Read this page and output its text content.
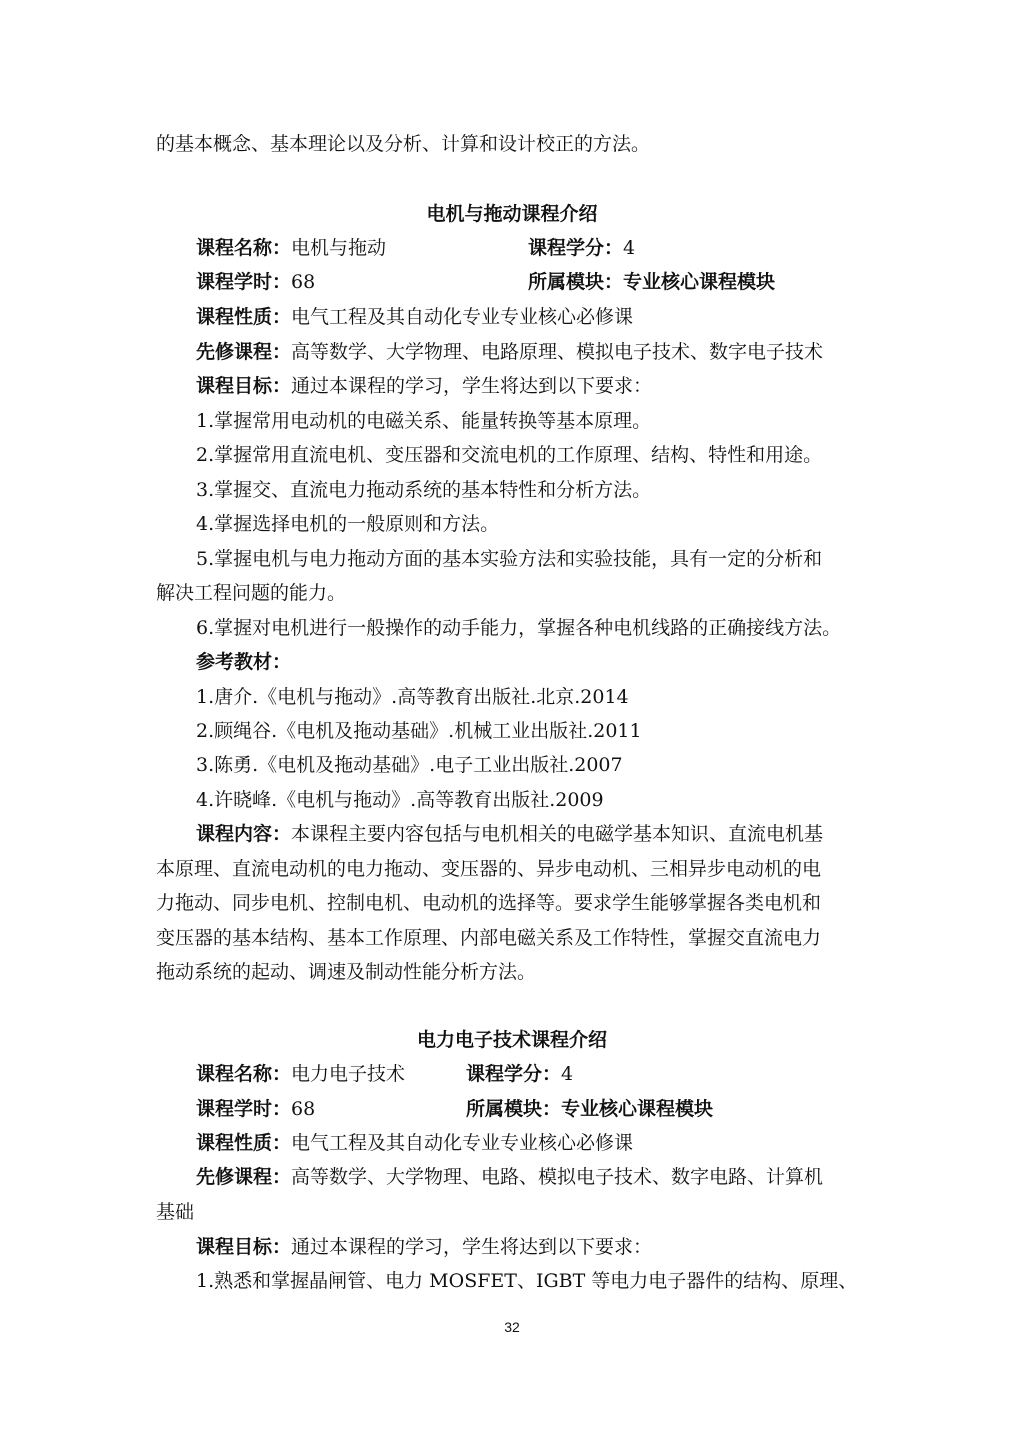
的基本概念、基本理论以及分析、计算和设计校正的方法。
电机与拖动课程介绍
课程名称：电机与拖动	课程学分：4
课程学时：68	所属模块：专业核心课程模块
课程性质：电气工程及其自动化专业专业核心必修课
先修课程：高等数学、大学物理、电路原理、模拟电子技术、数字电子技术
课程目标：通过本课程的学习，学生将达到以下要求：
1.掌握常用电动机的电磁关系、能量转换等基本原理。
2.掌握常用直流电机、变压器和交流电机的工作原理、结构、特性和用途。
3.掌握交、直流电力拖动系统的基本特性和分析方法。
4.掌握选择电机的一般原则和方法。
5.掌握电机与电力拖动方面的基本实验方法和实验技能，具有一定的分析和
解决工程问题的能力。
6.掌握对电机进行一般操作的动手能力，掌握各种电机线路的正确接线方法。
参考教材：
1.唐介.《电机与拖动》.高等教育出版社.北京.2014
2.顾绳谷.《电机及拖动基础》.机械工业出版社.2011
3.陈勇.《电机及拖动基础》.电子工业出版社.2007
4.许晓峰.《电机与拖动》.高等教育出版社.2009
课程内容：本课程主要内容包括与电机相关的电磁学基本知识、直流电机基
本原理、直流电动机的电力拖动、变压器的、异步电动机、三相异步电动机的电
力拖动、同步电机、控制电机、电动机的选择等。要求学生能够掌握各类电机和
变压器的基本结构、基本工作原理、内部电磁关系及工作特性，掌握交直流电力
拖动系统的起动、调速及制动性能分析方法。
电力电子技术课程介绍
课程名称：电力电子技术	课程学分：4
课程学时：68	所属模块：专业核心课程模块
课程性质：电气工程及其自动化专业专业核心必修课
先修课程：高等数学、大学物理、电路、模拟电子技术、数字电路、计算机
基础
课程目标：通过本课程的学习，学生将达到以下要求：
1.熟悉和掌握晶闸管、电力 MOSFET、IGBT 等电力电子器件的结构、原理、
32
